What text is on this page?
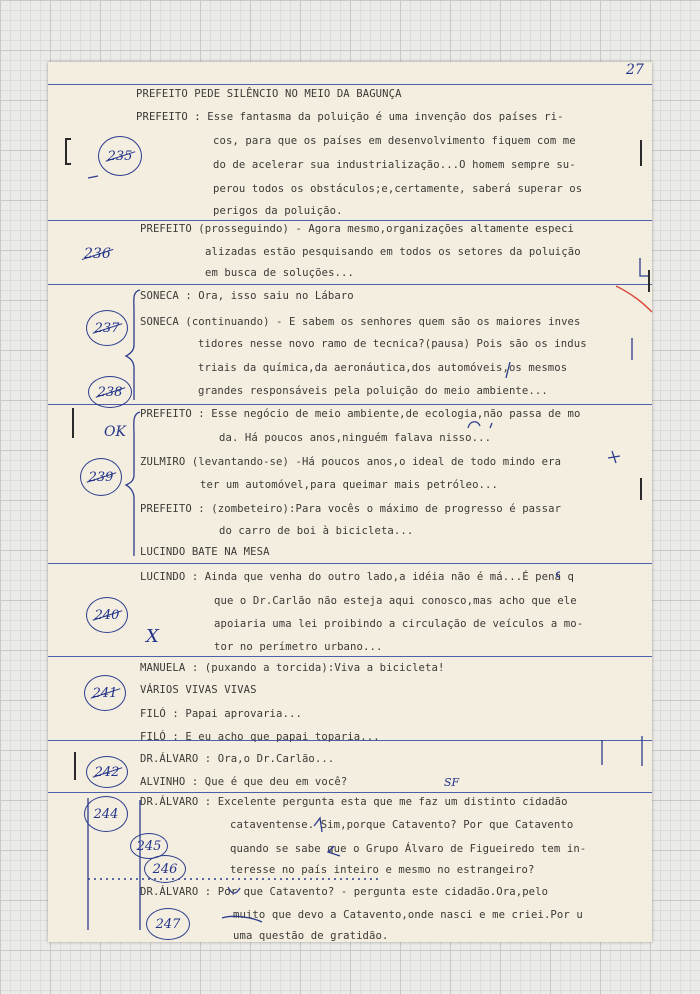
27
PREFEITO PEDE SILÊNCIO NO MEIO DA BAGUNÇA
PREFEITO : Esse fantasma da poluição é uma invenção dos países ri-
cos, para que os países em desenvolvimento fiquem com me
do de acelerar sua industrialização...O homem sempre su-
perou todos os obstáculos;e,certamente, saberá superar os
perigos da poluição.
PREFEITO (prosseguindo) - Agora mesmo,organizações altamente especi
alizadas estão pesquisando em todos os setores da poluição
em busca de soluções...
SONECA : Ora, isso saiu no Lábaro
SONECA (continuando) - E sabem os senhores quem são os maiores inves
tidores nesse novo ramo de tecnica?(pausa) Pois são os indus
triais da química,da aeronáutica,dos automóveis,os mesmos
grandes responsáveis pela poluição do meio ambiente...
PREFEITO : Esse negócio de meio ambiente,de ecologia,não passa de mo
da. Há poucos anos,ninguém falava nisso...
ZULMIRO (levantando-se) -Há poucos anos,o ideal de todo mindo era
ter um automóvel,para queimar mais petróleo...
PREFEITO : (zombeteiro):Para vocês o máximo de progresso é passar
do carro de boi à bicicleta...
LUCINDO BATE NA MESA
LUCINDO : Ainda que venha do outro lado,a idéia não é má...É pena q
que o Dr.Carlão não esteja aqui conosco,mas acho que ele
apoiaria uma lei proibindo a circulação de veículos a mo-
tor no perímetro urbano...
MANUELA : (puxando a torcida):Viva a bicicleta!
VÁRIOS VIVAS VIVAS
FILÓ : Papai aprovaria...
FILÓ : E eu acho que papai toparia...
DR.ÁLVARO : Ora,o Dr.Carlão...
ALVINHO : Que é que deu em você?
DR.ÁLVARO : Excelente pergunta esta que me faz um distinto cidadão
cataventense. Sim,porque Catavento? Por que Catavento
quando se sabe que o Grupo Álvaro de Figueiredo tem in-
teresse no país inteiro e mesmo no estrangeiro?
DR.ÁLVARO : Por que Catavento? - pergunta este cidadão.Ora,pelo
muito que devo a Catavento,onde nasci e me criei.Por u
uma questão de gratidão.
235
236
237
238
OK
239
240
X
241
242
SF
244
245
246
247
